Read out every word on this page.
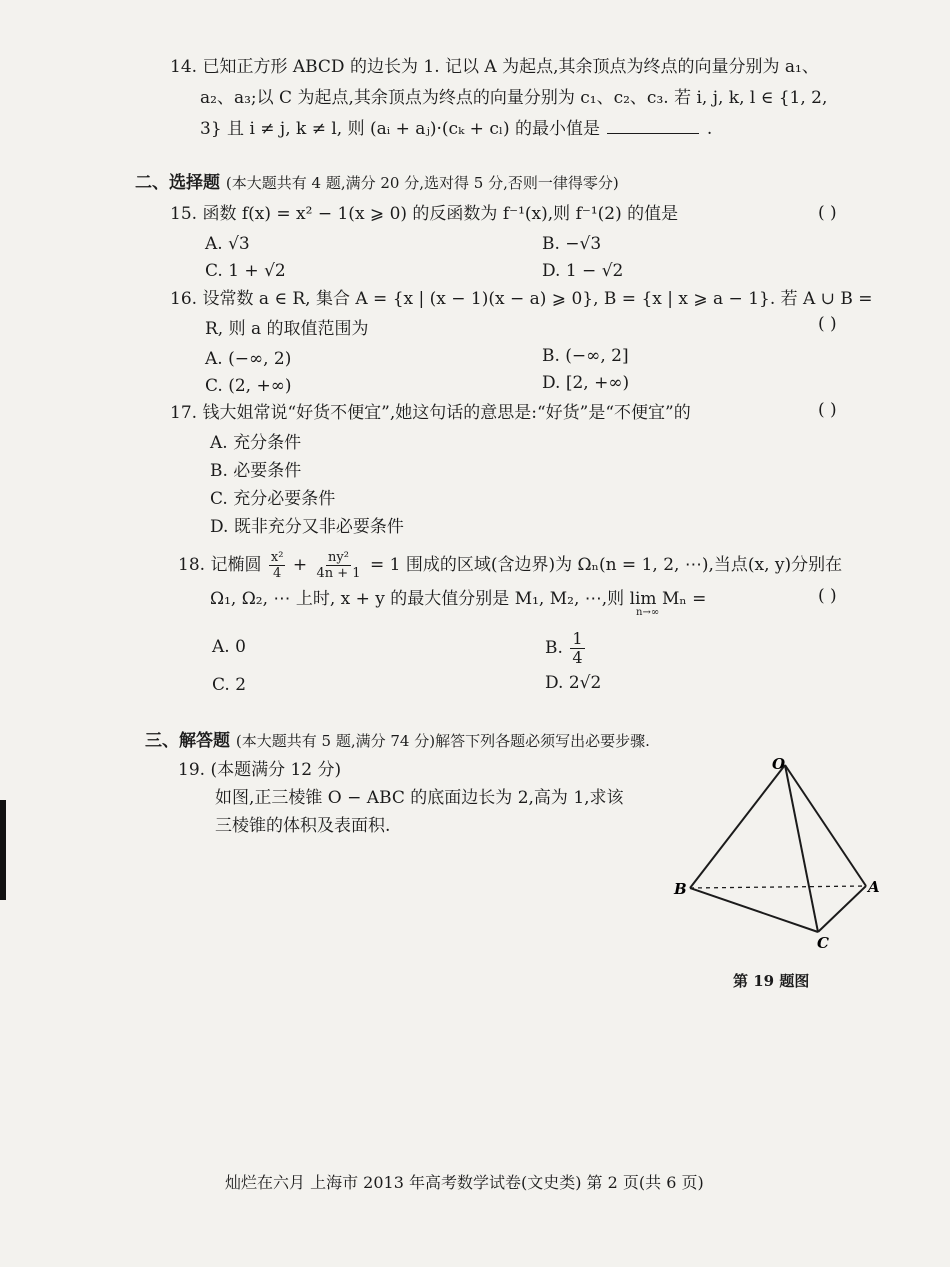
14. 已知正方形 ABCD 的边长为 1. 记以 A 为起点,其余顶点为终点的向量分别为 a₁、
a₂、a₃;以 C 为起点,其余顶点为终点的向量分别为 c₁、c₂、c₃. 若 i, j, k, l ∈ {1, 2,
3} 且 i ≠ j, k ≠ l, 则 (aᵢ + aⱼ)·(cₖ + cₗ) 的最小值是	.
二、选择题 (本大题共有 4 题,满分 20 分,选对得 5 分,否则一律得零分)
15. 函数 f(x) = x² − 1(x ⩾ 0) 的反函数为 f⁻¹(x),则 f⁻¹(2) 的值是	( )
A. √3	B. −√3
C. 1 + √2	D. 1 − √2
16. 设常数 a ∈ R, 集合 A = {x | (x − 1)(x − a) ⩾ 0}, B = {x | x ⩾ a − 1}. 若 A ∪ B =
R, 则 a 的取值范围为	( )
A. (−∞, 2)	B. (−∞, 2]
C. (2, +∞)	D. [2, +∞)
17. 钱大姐常说“好货不便宜”,她这句话的意思是:“好货”是“不便宜”的	( )
A. 充分条件
B. 必要条件
C. 充分必要条件
D. 既非充分又非必要条件
18. 记椭圆 $\frac{\text{x²}}{4} + \frac{\text{ny²}}{4n + 1} = 1$ 围成的区域(含边界)为 Ωₙ(n = 1, 2, ⋯),当点(x, y)分别在
Ω₁, Ω₂, ⋯ 上时, x + y 的最大值分别是 M₁, M₂, ⋯,则 lim Mₙ =
n→∞
( )
A. 0	B. $\frac{1}{4}$
C. 2	D. 2√2
三、解答题 (本大题共有 5 题,满分 74 分)解答下列各题必须写出必要步骤.
19. (本题满分 12 分)
如图,正三棱锥 O − ABC 的底面边长为 2,高为 1,求该
三棱锥的体积及表面积.
O
B	A
C
第 19 题图
灿烂在六月 上海市 2013 年高考数学试卷(文史类) 第 2 页(共 6 页)
